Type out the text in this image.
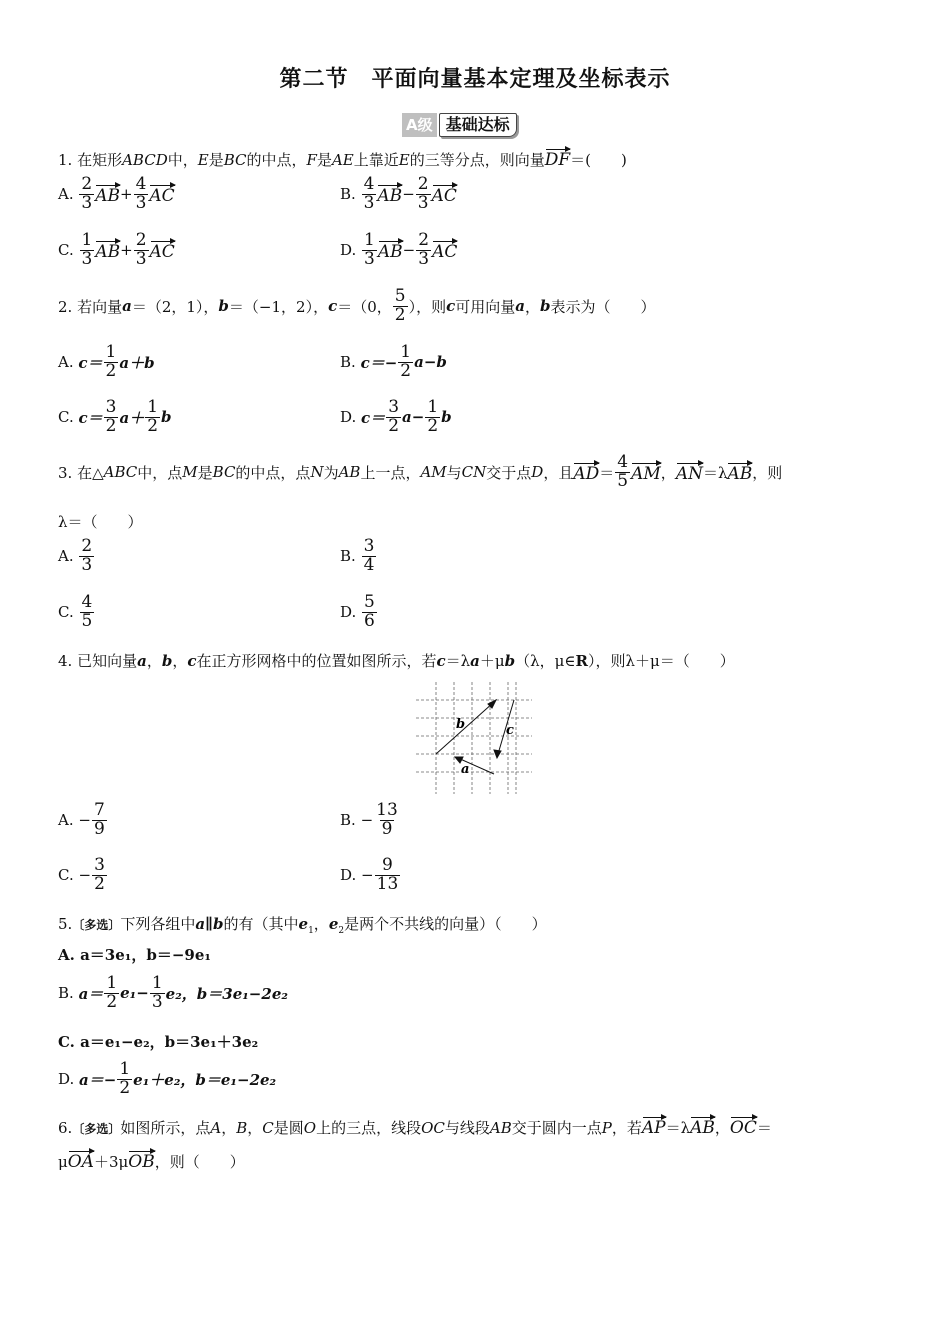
第二节　平面向量基本定理及坐标表示
A级 基础达标
1. 在矩形ABCD中，E是BC的中点，F是AE上靠近E的三等分点，则向量DF＝(　　)
A.
$\frac{2}{3}$ AB + $\frac{4}{3}$ AC	B.
$\frac{4}{3}$ AB − $\frac{2}{3}$ AC
C.
$\frac{1}{3}$ AB + $\frac{2}{3}$ AC	D.
$\frac{1}{3}$ AB − $\frac{2}{3}$ AC
2. 若向量 a ＝（2，1）， b ＝（−1，2）， c ＝（0， $\frac{5}{2}$ ），则 c 可用向量 a ， b 表示为（　　）
A.
$c= \frac{1}{2} a+b$	B.
$c=- \frac{1}{2} a-b$
C.
$c= \frac{3}{2} a+ \frac{1}{2}$ b	D.
$c= \frac{3}{2} a- \frac{1}{2}$ b
3. 在△ ABC 中，点 M 是 BC 的中点，点 N 为 AB 上一点， AM 与 CN 交于点 D ，且 AD ＝ $\frac{4}{5}$ AM ， AN ＝λ AB ，则
λ＝（　　）
A.
$\frac{2}{3}$	B.
$\frac{3}{4}$
C.
$\frac{4}{5}$	D.
$\frac{5}{6}$
4. 已知向量a，b，c在正方形网格中的位置如图所示，若c＝λa＋μb（λ，μ∈R），则λ＋μ＝（　　）
b	c
a
A.
− $\frac{7}{9}$	B.
− $\frac{13}{9}$
C.
− $\frac{3}{2}$	D.
− $\frac{9}{13}$
5.〔多选〕下列各组中a∥b的有（其中$e_1$，$e_2$是两个不共线的向量）（　　）
A. a＝3e₁，b＝−9e₁
B.
$a= \frac{1}{2} e_1- \frac{1}{3} e_2$，b＝3e₁−2e₂
C. a＝e₁−e₂，b＝3e₁＋3e₂
D.
$a=- \frac{1}{2} e_1+e_2$，b＝e₁−2e₂
6.〔多选〕如图所示，点A，B，C是圆O上的三点，线段OC与线段AB交于圆内一点P，若AP＝λAB，OC＝
μOA＋3μOB，则（　　）
